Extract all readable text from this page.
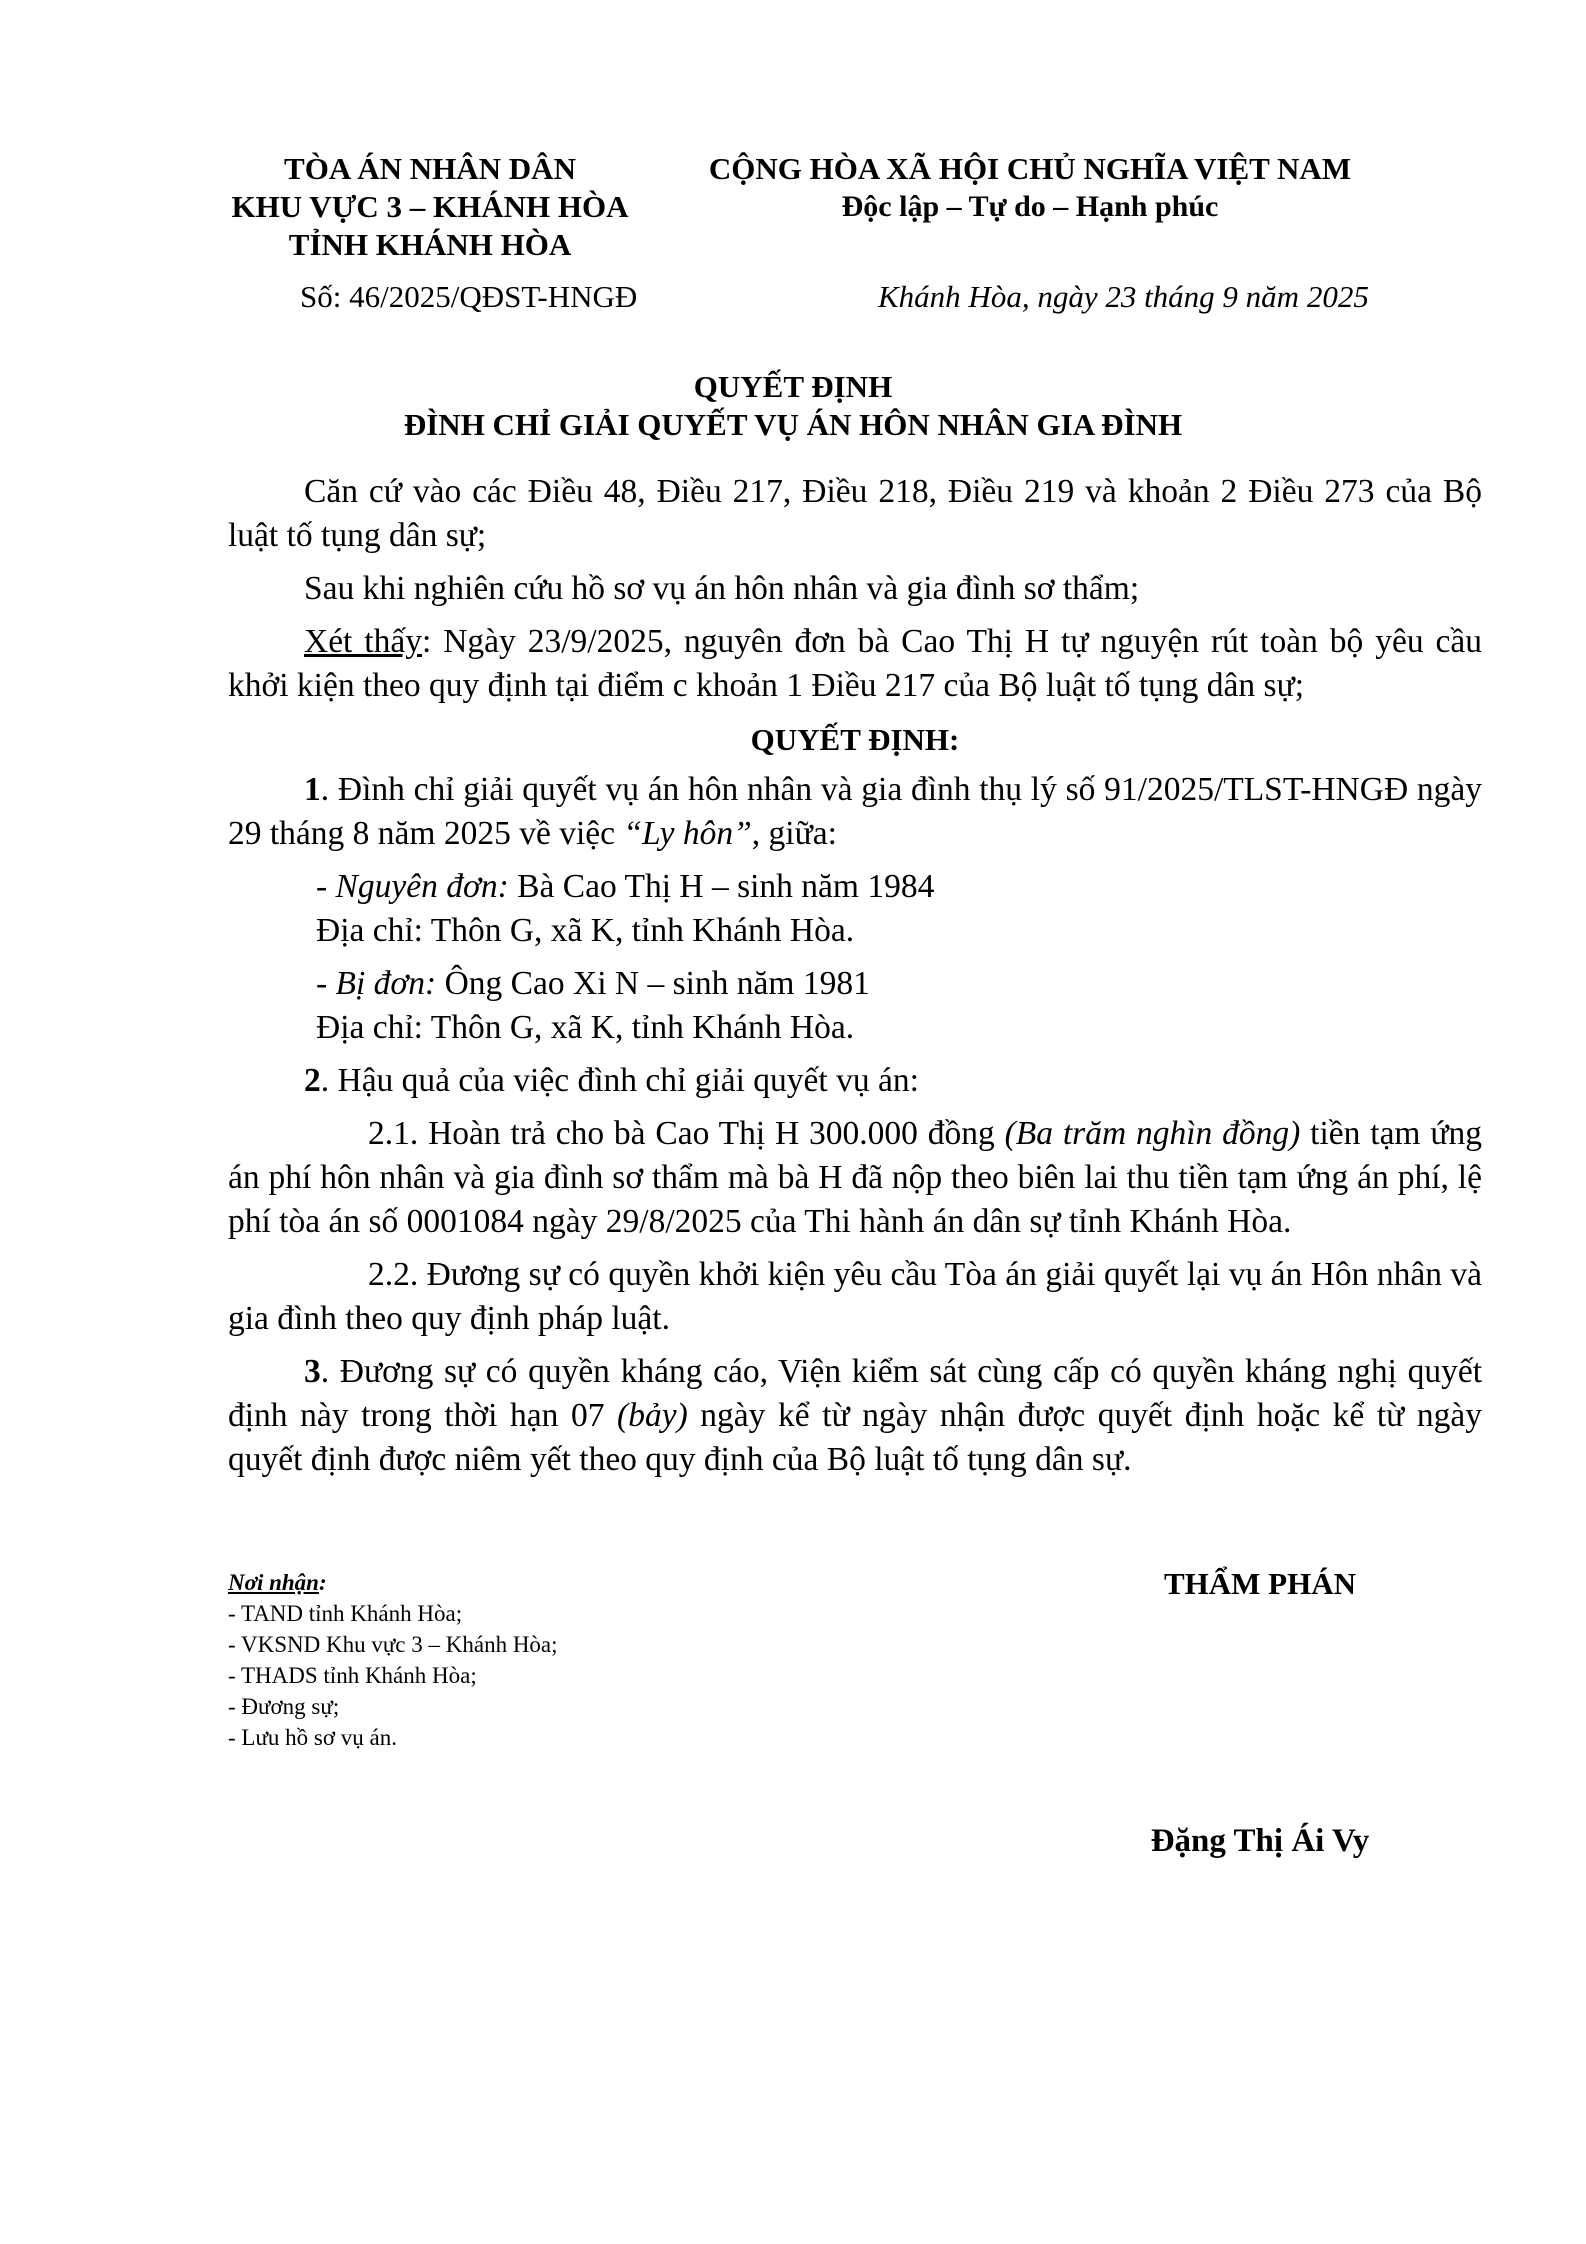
TÒA ÁN NHÂN DÂN
KHU VỰC 3 – KHÁNH HÒA
TỈNH KHÁNH HÒA
CỘNG HÒA XÃ HỘI CHỦ NGHĨA VIỆT NAM
Độc lập – Tự do – Hạnh phúc
Số: 46/2025/QĐST-HNGĐ	Khánh Hòa, ngày 23 tháng 9 năm 2025
QUYẾT ĐỊNH
ĐÌNH CHỈ GIẢI QUYẾT VỤ ÁN HÔN NHÂN GIA ĐÌNH

Căn cứ vào các Điều 48, Điều 217, Điều 218, Điều 219 và khoản 2 Điều 273 của Bộ luật tố tụng dân sự;

Sau khi nghiên cứu hồ sơ vụ án hôn nhân và gia đình sơ thẩm;

Xét thấy: Ngày 23/9/2025, nguyên đơn bà Cao Thị H tự nguyện rút toàn bộ yêu cầu khởi kiện theo quy định tại điểm c khoản 1 Điều 217 của Bộ luật tố tụng dân sự;

QUYẾT ĐỊNH:

1. Đình chỉ giải quyết vụ án hôn nhân và gia đình thụ lý số 91/2025/TLST-HNGĐ ngày 29 tháng 8 năm 2025 về việc “Ly hôn”, giữa:

- Nguyên đơn: Bà Cao Thị H – sinh năm 1984

Địa chỉ: Thôn G, xã K, tỉnh Khánh Hòa.

- Bị đơn: Ông Cao Xi N – sinh năm 1981

Địa chỉ: Thôn G, xã K, tỉnh Khánh Hòa.

2. Hậu quả của việc đình chỉ giải quyết vụ án:

2.1. Hoàn trả cho bà Cao Thị H 300.000 đồng (Ba trăm nghìn đồng) tiền tạm ứng án phí hôn nhân và gia đình sơ thẩm mà bà H đã nộp theo biên lai thu tiền tạm ứng án phí, lệ phí tòa án số 0001084 ngày 29/8/2025 của Thi hành án dân sự tỉnh Khánh Hòa.

2.2. Đương sự có quyền khởi kiện yêu cầu Tòa án giải quyết lại vụ án Hôn nhân và gia đình theo quy định pháp luật.

3. Đương sự có quyền kháng cáo, Viện kiểm sát cùng cấp có quyền kháng nghị quyết định này trong thời hạn 07 (bảy) ngày kể từ ngày nhận được quyết định hoặc kể từ ngày quyết định được niêm yết theo quy định của Bộ luật tố tụng dân sự.

Nơi nhận:
- TAND tỉnh Khánh Hòa;
- VKSND Khu vực 3 – Khánh Hòa;
- THADS tỉnh Khánh Hòa;
- Đương sự;
- Lưu hồ sơ vụ án.
THẨM PHÁN
Đặng Thị Ái Vy
